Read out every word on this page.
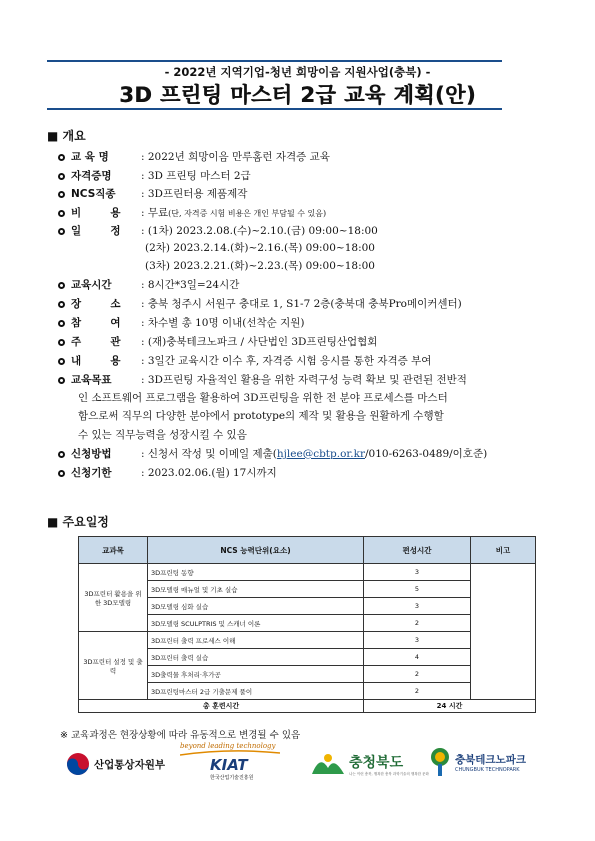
- 2022년 지역기업-청년 희망이음 지원사업(충북) -
3D 프린팅 마스터 2급 교육 계획(안)
■ 개요
교 육 명	: 2022년 희망이음 만루홈런 자격증 교육
자격증명	: 3D 프린팅 마스터 2급
NCS직종 : 3D프린터용 제품제작
비        용 : 무료(단, 자격증 시험 비용은 개인 부담될 수 있음)
일        정 : (1차) 2023.2.08.(수)~2.10.(금) 09:00~18:00
(2차) 2023.2.14.(화)~2.16.(목) 09:00~18:00
(3차) 2023.2.21.(화)~2.23.(목) 09:00~18:00
교육시간	: 8시간*3일=24시간
장        소 : 충북 청주시 서원구 충대로 1, S1-7 2층(충북대 충북Pro메이커센터)
참        여 : 차수별 총 10명 이내(선착순 지원)
주        관 : (재)충북테크노파크 / 사단법인 3D프린팅산업협회
내        용 : 3일간 교육시간 이수 후, 자격증 시험 응시를 통한 자격증 부여
교육목표	: 3D프린팅 자율적인 활용을 위한 자력구성 능력 확보 및 관련된 전반적
인 소프트웨어 프로그램을 활용하여 3D프린팅을 위한 전 분야 프로세스를 마스터
함으로써 직무의 다양한 분야에서 prototype의 제작 및 활용을 원활하게 수행할
수 있는 직무능력을 성장시킬 수 있음
신청방법	: 신청서 작성 및 이메일 제출(hjlee@cbtp.or.kr/010-6263-0489/이호준)
신청기한	: 2023.02.06.(월) 17시까지
■ 주요일정
교과목	NCS 능력단위(요소)	편성시간	비고
3D프린터 활용을 위한 3D모델링	3D프린팅 동향	3	
	3D모델링 매뉴얼 및 기초 실습	5	
	3D모델링 심화 실습	3	
	3D모델링 SCULPTRIS 및 스캐너 이론	2	
3D프린터 설정 및 출력	3D프린터 출력 프로세스 이해	3	
	3D프린터 출력 실습	4	
	3D출력물 후처리·후가공	2	
	3D프린팅마스터 2급 기출문제 풀이	2	
총 훈련시간		24 시간	
※ 교육과정은 현장상황에 따라 유동적으로 변경될 수 있음
산업통상자원부
beyond leading technology
KIAT
한국산업기술진흥원
충청북도
나는 이런 충북, 행복한 충북 과학기술의 행복한 문화
충북테크노파크
CHUNGBUK TECHNOPARK
